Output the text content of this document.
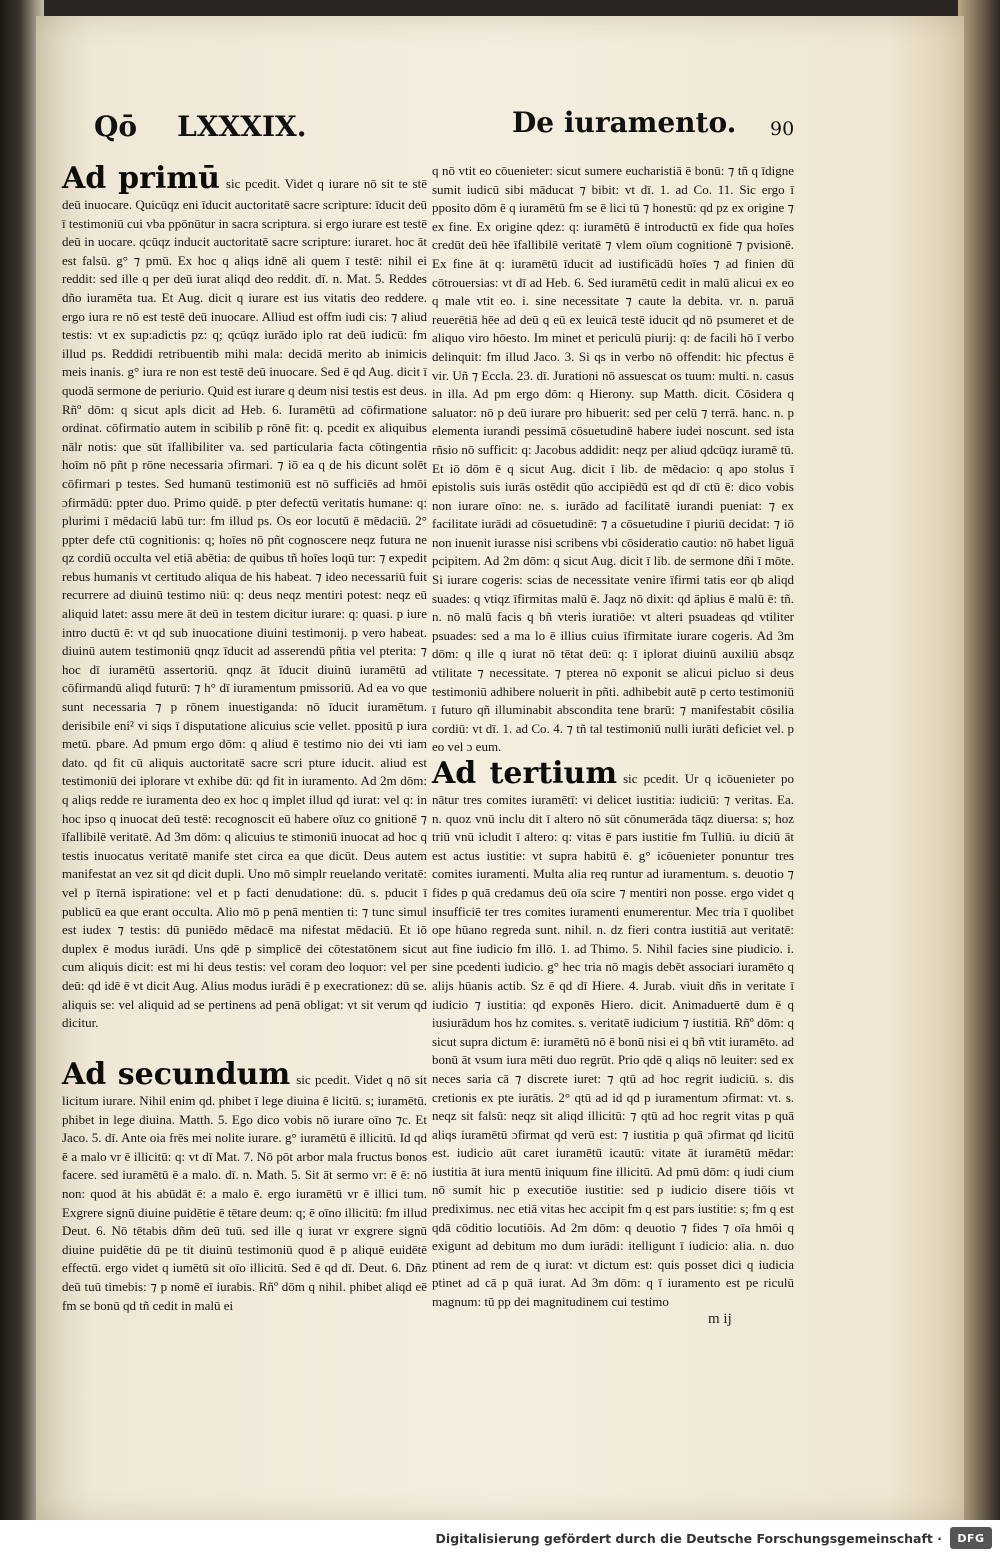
Qō LXXXIX.	De iuramento.	90

Ad primū sic pcedit. Videt q iurare nō sit te stē deū inuocare. Quicūqz eni īducit auctoritatē sacre scripture: īducit deū ī testimoniū cui vba ppōnūtur in sacra scriptura. si ergo iurare est testē deū in uocare. qcūqz inducit auctoritatē sacre scripture: iuraret. hoc āt est falsū. g° ⁊ pmū. Ex hoc q aliqs idnē ali quem ī testē: nihil ei reddit: sed ille q per deū iurat aliqd deo reddit. dī. n. Mat. 5. Reddes dño iuramēta tua. Et Aug. dicit q iurare est ius vitatis deo reddere. ergo iura re nō est testē deū inuocare. Alliud est offm iudi cis: ⁊ aliud testis: vt ex sup:adictis pz: q; qcūqz iurādo iplo rat deū iudicū: fm illud ps. Reddidi retribuentib mihi mala: decidā merito ab inimicis meis inanis. g° iura re non est testē deū inuocare. Sed ē qd Aug. dicit ī quodā sermone de periurio. Quid est iurare q deum nisi testis est deus. Rñº dōm: q sicut apls dicit ad Heb. 6. Iuramētū ad cōfirmatione ordinat. cōfirmatio autem in scibilib p rōnē fit: q. pcedit ex aliquibus nālr notis: que sūt īfallibiliter va. sed particularia facta cōtingentia hoīm nō pñt p rōne necessaria ɔfirmari. ⁊ iō ea q de his dicunt solēt cōfirmari p testes. Sed humanū testimoniū est nō sufficiēs ad hmōi ɔfirmādū: ppter duo. Primo quidē. p pter defectū veritatis humane: q: plurimi ī mēdaciū labū tur: fm illud ps. Os eor locutū ē mēdaciū. 2° ppter defe ctū cognitionis: q; hoīes nō pñt cognoscere neqz futura ne qz cordiū occulta vel etiā abētia: de quibus tñ hoīes loqū tur: ⁊ expedit rebus humanis vt certitudo aliqua de his habeat. ⁊ ideo necessariū fuit recurrere ad diuinū testimo niū: q: deus neqz mentiri potest: neqz eū aliquid latet: assu mere āt deū in testem dicitur iurare: q: quasi. p iure intro ductū ē: vt qd sub inuocatione diuini testimonij. p vero habeat. diuinū autem testimoniū qnqz īducit ad asserendū pñtia vel pterita: ⁊ hoc dī iuramētū assertoriū. qnqz āt īducit diuinū iuramētū ad cōfirmandū aliqd futurū: ⁊ h° dī iuramentum pmissoriū. Ad ea vo que sunt necessaria ⁊ p rōnem inuestiganda: nō īducit iuramētum. derisibile eni² vi siqs ī disputatione alicuius scie vellet. ppositū p iura metū. pbare. Ad pmum ergo dōm: q aliud ē testimo nio dei vti iam dato. qd fit cū aliquis auctoritatē sacre scri pture iducit. aliud est testimoniū dei iplorare vt exhibe dū: qd fit in iuramento. Ad 2m dōm: q aliqs redde re iuramenta deo ex hoc q implet illud qd iurat: vel q: in hoc ipso q inuocat deū testē: recognoscit eū habere oīuz co gnitionē ⁊ īfallibilē veritatē. Ad 3m dōm: q alicuius te stimoniū inuocat ad hoc q testis inuocatus veritatē manife stet circa ea que dicūt. Deus autem manifestat an vez sit qd dicit dupli. Uno mō simplr reuelando veritatē: vel p īternā ispiratione: vel et p facti denudatione: dū. s. pducit ī publicū ea que erant occulta. Alio mō p penā mentien ti: ⁊ tunc simul est iudex ⁊ testis: dū puniēdo mēdacē ma nifestat mēdaciū. Et iō duplex ē modus iurādi. Uns qdē p simplicē dei cōtestatōnem sicut cum aliquis dicit: est mi hi deus testis: vel coram deo loquor: vel per deū: qd idē ē vt dicit Aug. Alius modus iurādi ē p execrationez: dū se. aliquis se: vel aliquid ad se pertinens ad penā obligat: vt sit verum qd dicitur.

Ad secundum sic pcedit. Videt q nō sit licitum iurare. Nihil enim qd. phibet ī lege diuina ē licitū. s; iuramētū. phibet in lege diuina. Matth. 5. Ego dico vobis nō iurare oīno ⁊c. Et Jaco. 5. dī. Ante oia frēs mei nolite iurare. g° iuramētū ē illicitū. Id qd ē a malo vr ē illicitū: q: vt dī Mat. 7. Nō pōt arbor mala fructus bonos facere. sed iuramētū ē a malo. dī. n. Math. 5. Sit āt sermo vr: ē ē: nō non: quod āt his abūdāt ē: a malo ē. ergo iuramētū vr ē illici tum. Exgrere signū diuine puidētie ē tētare deum: q; ē oīno illicitū: fm illud Deut. 6. Nō tētabis dñm deū tuū. sed ille q iurat vr exgrere signū diuine puidētie dū pe tit diuinū testimoniū quod ē p aliquē euidētē effectū. ergo videt q iumētū sit oīo illicitū. Sed ē qd dī. Deut. 6. Dñz deū tuū timebis: ⁊ p nomē eī iurabis. Rñº dōm q nihil. phibet aliqd eē fm se bonū qd tñ cedit in malū ei

q nō vtit eo cōuenieter: sicut sumere eucharistiā ē bonū: ⁊ tñ q īdigne sumit iudicū sibi māducat ⁊ bibit: vt dī. 1. ad Co. 11. Sic ergo ī pposito dōm ē q iuramētū fm se ē lici tū ⁊ honestū: qd pz ex origine ⁊ ex fine. Ex origine qdez: q: iuramētū ē introductū ex fide qua hoīes credūt deū hēe īfallibilē veritatē ⁊ vlem oīum cognitionē ⁊ pvisionē. Ex fine āt q: iuramētū īducit ad iustificādū hoīes ⁊ ad finien dū cōtrouersias: vt dī ad Heb. 6. Sed iuramētū cedit in malū alicui ex eo q male vtit eo. i. sine necessitate ⁊ caute la debita. vr. n. paruā reuerētiā hēe ad deū q eū ex leuicā testē iducit qd nō psumeret et de aliquo viro hōesto. Im minet et periculū piurij: q: de facili hō ī verbo delinquit: fm illud Jaco. 3. Si qs in verbo nō offendit: hic pfectus ē vir. Uñ ⁊ Eccla. 23. dī. Jurationi nō assuescat os tuum: multi. n. casus in illa. Ad pm ergo dōm: q Hierony. sup Matth. dicit. Cōsidera q saluator: nō p deū iurare pro hibuerit: sed per celū ⁊ terrā. hanc. n. p elementa iurandi pessimā cōsuetudinē habere iudei noscunt. sed ista rñsio nō sufficit: q: Jacobus addidit: neqz per aliud qdcūqz iuramē tū. Et iō dōm ē q sicut Aug. dicit ī lib. de mēdacio: q apo stolus ī epistolis suis iurās ostēdit qūo accipiēdū est qd dī ctū ē: dico vobis non iurare oīno: ne. s. iurādo ad facilitatē iurandi pueniat: ⁊ ex facilitate iurādi ad cōsuetudinē: ⁊ a cōsuetudine ī piuriū decidat: ⁊ iō non inuenit iurasse nisi scribens vbi cōsideratio cautio: nō habet liguā pcipitem. Ad 2m dōm: q sicut Aug. dicit ī lib. de sermone dñi ī mōte. Si iurare cogeris: scias de necessitate venire īfirmi tatis eor qb aliqd suades: q vtiqz īfirmitas malū ē. Jaqz nō dixit: qd āplius ē malū ē: tñ. n. nō malū facis q bñ vteris iuratiōe: vt alteri psuadeas qd vtiliter psuades: sed a ma lo ē illius cuius īfirmitate iurare cogeris. Ad 3m dōm: q ille q iurat nō tētat deū: q: ī iplorat diuinū auxiliū absqz vtilitate ⁊ necessitate. ⁊ pterea nō exponit se alicui picluo si deus testimoniū adhibere noluerit in pñti. adhibebit autē p certo testimoniū ī futuro qñ illuminabit abscondita tene brarū: ⁊ manifestabit cōsilia cordiū: vt dī. 1. ad Co. 4. ⁊ tñ tal testimoniū nulli iurāti deficiet vel. p eo vel ɔ eum.

Ad tertium sic pcedit. Ur q icōuenieter po nātur tres comites iuramētī: vi delicet iustitia: iudiciū: ⁊ veritas. Ea. n. quoz vnū inclu dit ī altero nō sūt cōnumerāda tāqz diuersa: s; hoz triū vnū icludit ī altero: q: vitas ē pars iustitie fm Tulliū. iu diciū āt est actus iustitie: vt supra habitū ē. g° icōuenieter ponuntur tres comites iuramenti. Multa alia req runtur ad iuramentum. s. deuotio ⁊ fides p quā credamus deū oīa scire ⁊ mentiri non posse. ergo videt q insufficiē ter tres comites iuramenti enumerentur. Mec tria ī quolibet ope hūano regreda sunt. nihil. n. dz fieri contra iustitiā aut veritatē: aut fine iudicio fm illō. 1. ad Thimo. 5. Nihil facies sine piudicio. i. sine pcedenti iudicio. g° hec tria nō magis debēt associari iuramēto q alijs hūanis actib. Sz ē qd dī Hiere. 4. Jurab. viuit dñs in veritate ī iudicio ⁊ iustitia: qd exponēs Hiero. dicit. Animaduertē dum ē q iusiurādum hos hz comites. s. veritatē iudicium ⁊ iustitiā. Rñº dōm: q sicut supra dictum ē: iuramētū nō ē bonū nisi ei q bñ vtit iuramēto. ad bonū āt vsum iura mēti duo regrūt. Prio qdē q aliqs nō leuiter: sed ex neces saria cā ⁊ discrete iuret: ⁊ qtū ad hoc regrit iudiciū. s. dis cretionis ex pte iurātis. 2° qtū ad id qd p iuramentum ɔfirmat: vt. s. neqz sit falsū: neqz sit aliqd illicitū: ⁊ qtū ad hoc regrit vitas p quā aliqs iuramētū ɔfirmat qd verū est: ⁊ iustitia p quā ɔfirmat qd licitū est. iudicio aūt caret iuramētū icautū: vitate āt iuramētū mēdar: iustitia āt iura mentū iniquum fine illicitū. Ad pmū dōm: q iudi cium nō sumit hic p executiōe iustitie: sed p iudicio disere tiōis vt prediximus. nec etiā vitas hec accipit fm q est pars iustitie: s; fm q est qdā cōditio locutiōis. Ad 2m dōm: q deuotio ⁊ fides ⁊ oīa hmōi q exigunt ad debitum mo dum iurādi: itelligunt ī iudicio: alia. n. duo ptinent ad rem de q iurat: vt dictum est: quis posset dici q iudicia ptinet ad cā p quā iurat. Ad 3m dōm: q ī iuramento est pe riculū magnum: tū pp dei magnitudinem cui testimo

m ij
Digitalisierung gefördert durch die Deutsche Forschungsgemeinschaft ·	DFG
